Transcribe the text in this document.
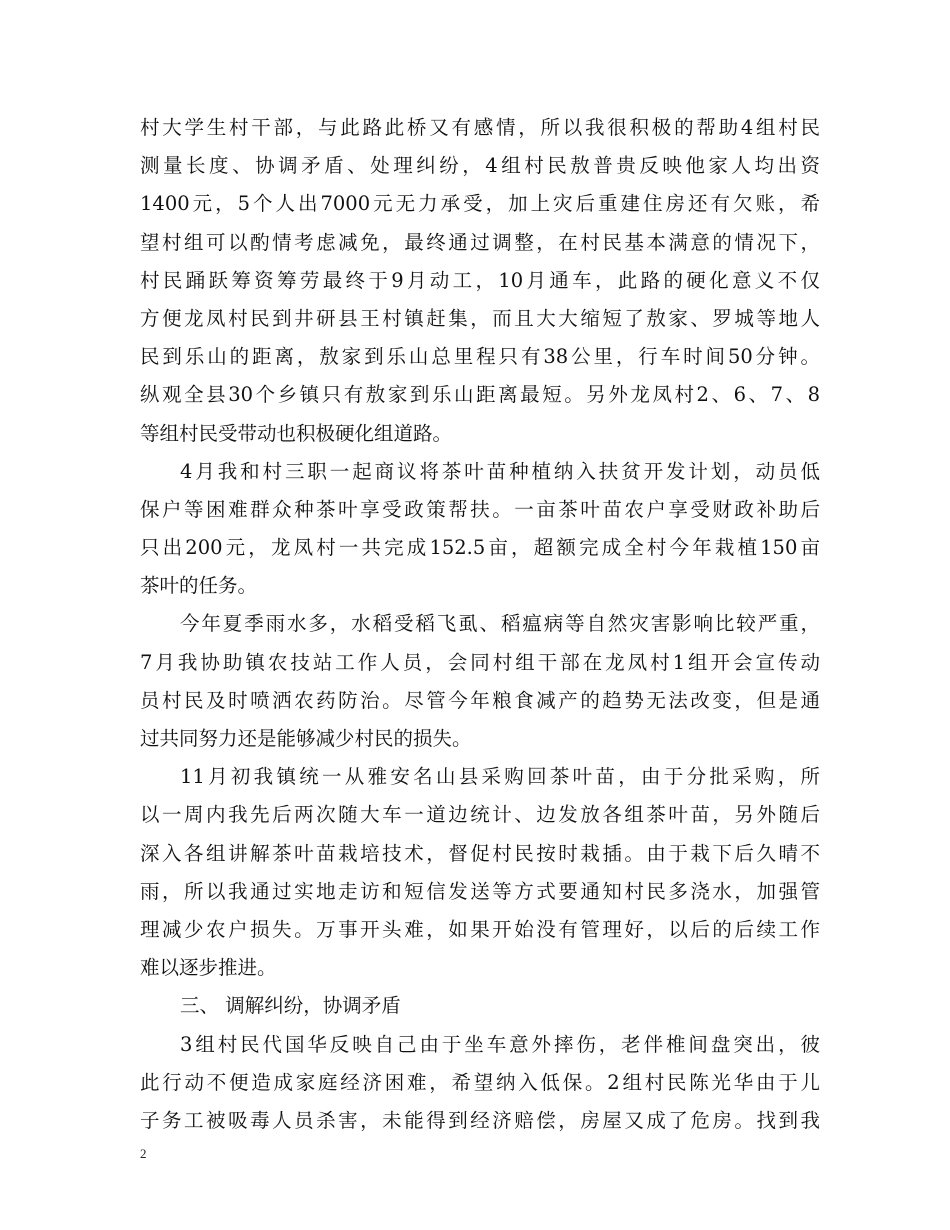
村大学生村干部，与此路此桥又有感情，所以我很积极的帮助4组村民
测量长度、协调矛盾、处理纠纷，4组村民敖普贵反映他家人均出资
1400元，5个人出7000元无力承受，加上灾后重建住房还有欠账，希
望村组可以酌情考虑减免，最终通过调整，在村民基本满意的情况下，
村民踊跃筹资筹劳最终于9月动工，10月通车，此路的硬化意义不仅
方便龙凤村民到井研县王村镇赶集，而且大大缩短了敖家、罗城等地人
民到乐山的距离，敖家到乐山总里程只有38公里，行车时间50分钟。
纵观全县30个乡镇只有敖家到乐山距离最短。另外龙凤村2、6、7、8
等组村民受带动也积极硬化组道路。
4月我和村三职一起商议将茶叶苗种植纳入扶贫开发计划，动员低
保户等困难群众种茶叶享受政策帮扶。一亩茶叶苗农户享受财政补助后
只出200元，龙凤村一共完成152.5亩，超额完成全村今年栽植150亩
茶叶的任务。
今年夏季雨水多，水稻受稻飞虱、稻瘟病等自然灾害影响比较严重，
7月我协助镇农技站工作人员，会同村组干部在龙凤村1组开会宣传动
员村民及时喷洒农药防治。尽管今年粮食减产的趋势无法改变，但是通
过共同努力还是能够减少村民的损失。
11月初我镇统一从雅安名山县采购回茶叶苗，由于分批采购，所
以一周内我先后两次随大车一道边统计、边发放各组茶叶苗，另外随后
深入各组讲解茶叶苗栽培技术，督促村民按时栽插。由于栽下后久晴不
雨，所以我通过实地走访和短信发送等方式要通知村民多浇水，加强管
理减少农户损失。万事开头难，如果开始没有管理好，以后的后续工作
难以逐步推进。
三、 调解纠纷，协调矛盾
3组村民代国华反映自己由于坐车意外摔伤，老伴椎间盘突出，彼
此行动不便造成家庭经济困难，希望纳入低保。2组村民陈光华由于儿
子务工被吸毒人员杀害，未能得到经济赔偿，房屋又成了危房。找到我
2
